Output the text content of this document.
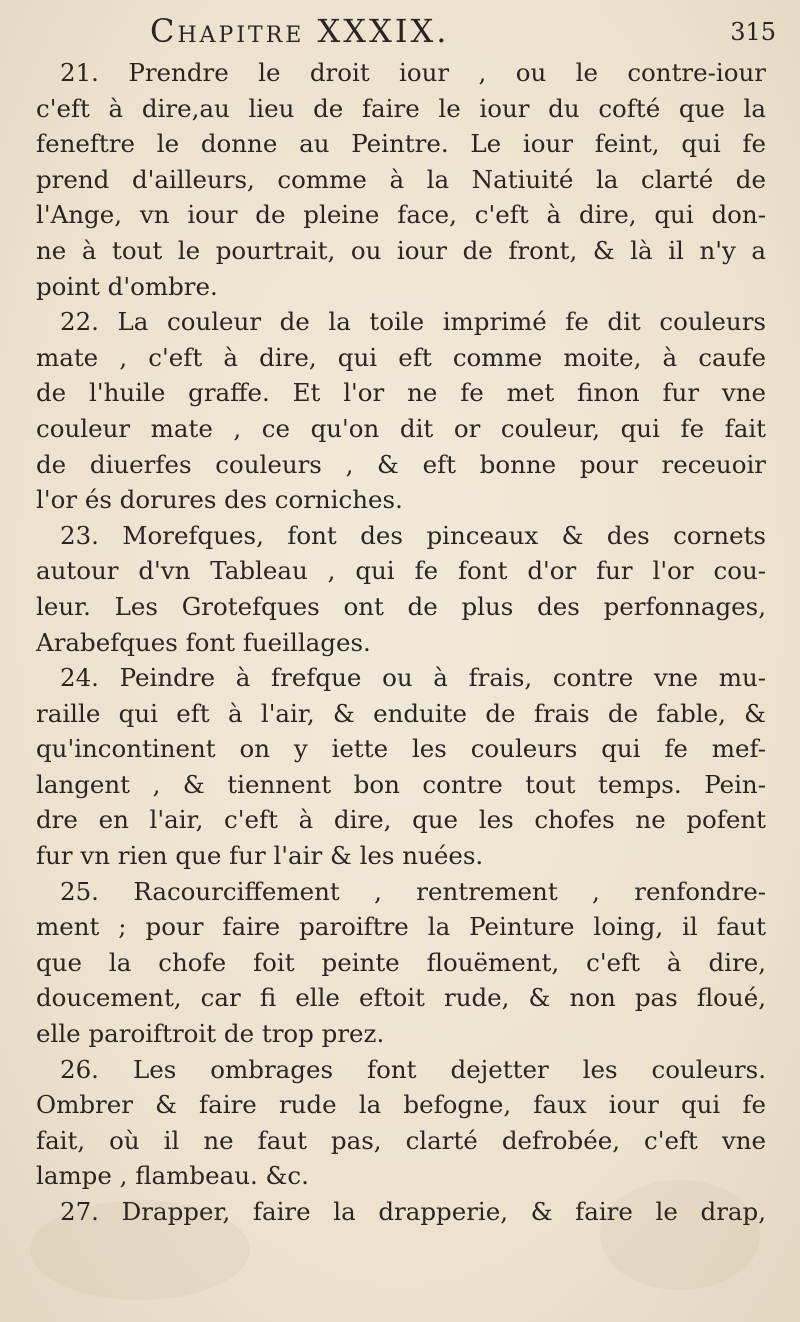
Chapitre XXXIX.	315
21. Prendre le droit iour , ou le contre-iour
c'eft à dire,au lieu de faire le iour du cofté que la
feneftre le donne au Peintre. Le iour feint, qui fe
prend d'ailleurs, comme à la Natiuité la clarté de
l'Ange, vn iour de pleine face, c'eft à dire, qui don-
ne à tout le pourtrait, ou iour de front, & là il n'y a
point d'ombre.
22. La couleur de la toile imprimé fe dit couleurs
mate , c'eft à dire, qui eft comme moite, à caufe
de l'huile graffe. Et l'or ne fe met finon fur vne
couleur mate , ce qu'on dit or couleur, qui fe fait
de diuerfes couleurs , & eft bonne pour receuoir
l'or és dorures des corniches.
23. Morefques, font des pinceaux & des cornets
autour d'vn Tableau , qui fe font d'or fur l'or cou-
leur. Les Grotefques ont de plus des perfonnages,
Arabefques font fueillages.
24. Peindre à frefque ou à frais, contre vne mu-
raille qui eft à l'air, & enduite de frais de fable, &
qu'incontinent on y iette les couleurs qui fe mef-
langent , & tiennent bon contre tout temps. Pein-
dre en l'air, c'eft à dire, que les chofes ne pofent
fur vn rien que fur l'air & les nuées.
25. Racourciffement , rentrement , renfondre-
ment ; pour faire paroiftre la Peinture loing, il faut
que la chofe foit peinte flouëment, c'eft à dire,
doucement, car fi elle eftoit rude, & non pas floué,
elle paroiftroit de trop prez.
26. Les ombrages font dejetter les couleurs.
Ombrer & faire rude la befogne, faux iour qui fe
fait, où il ne faut pas, clarté defrobée, c'eft vne
lampe , flambeau. &c.
27. Drapper, faire la drapperie, & faire le drap,
